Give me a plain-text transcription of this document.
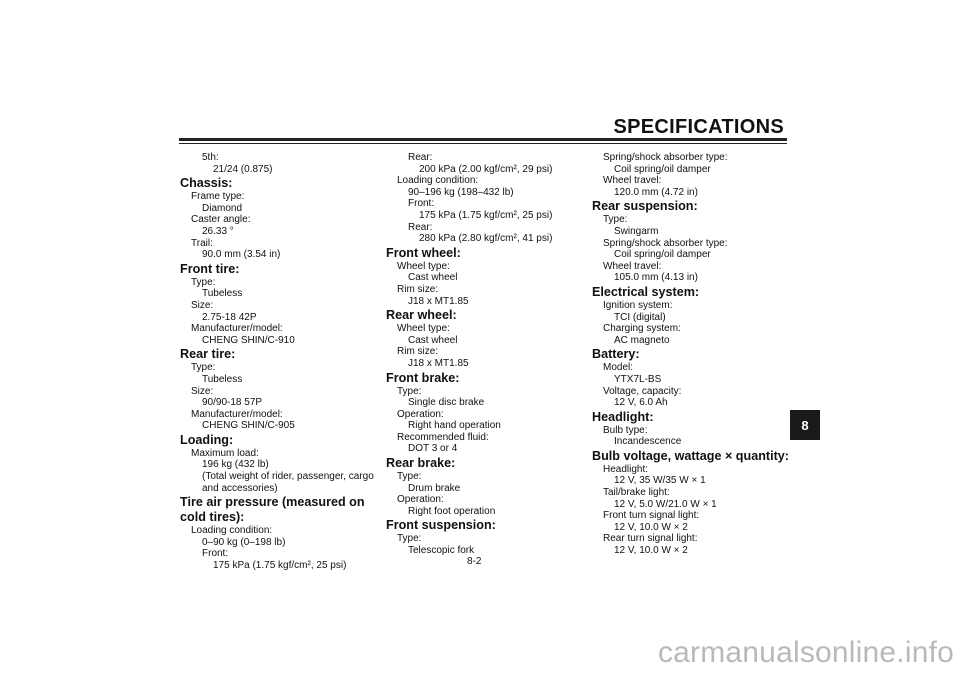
SPECIFICATIONS
5th:
21/24 (0.875)
Chassis:
Frame type:
Diamond
Caster angle:
26.33 °
Trail:
90.0 mm (3.54 in)
Front tire:
Type:
Tubeless
Size:
2.75-18 42P
Manufacturer/model:
CHENG SHIN/C-910
Rear tire:
Type:
Tubeless
Size:
90/90-18 57P
Manufacturer/model:
CHENG SHIN/C-905
Loading:
Maximum load:
196 kg (432 lb)
(Total weight of rider, passenger, cargo and accessories)
Tire air pressure (measured on cold tires):
Loading condition:
0–90 kg (0–198 lb)
Front:
175 kPa (1.75 kgf/cm², 25 psi)
Rear:
200 kPa (2.00 kgf/cm², 29 psi)
Loading condition:
90–196 kg (198–432 lb)
Front:
175 kPa (1.75 kgf/cm², 25 psi)
Rear:
280 kPa (2.80 kgf/cm², 41 psi)
Front wheel:
Wheel type:
Cast wheel
Rim size:
J18 x MT1.85
Rear wheel:
Wheel type:
Cast wheel
Rim size:
J18 x MT1.85
Front brake:
Type:
Single disc brake
Operation:
Right hand operation
Recommended fluid:
DOT 3 or 4
Rear brake:
Type:
Drum brake
Operation:
Right foot operation
Front suspension:
Type:
Telescopic fork
Spring/shock absorber type:
Coil spring/oil damper
Wheel travel:
120.0 mm (4.72 in)
Rear suspension:
Type:
Swingarm
Spring/shock absorber type:
Coil spring/oil damper
Wheel travel:
105.0 mm (4.13 in)
Electrical system:
Ignition system:
TCI (digital)
Charging system:
AC magneto
Battery:
Model:
YTX7L-BS
Voltage, capacity:
12 V, 6.0 Ah
Headlight:
Bulb type:
Incandescence
Bulb voltage, wattage × quantity:
Headlight:
12 V, 35 W/35 W × 1
Tail/brake light:
12 V, 5.0 W/21.0 W × 1
Front turn signal light:
12 V, 10.0 W × 2
Rear turn signal light:
12 V, 10.0 W × 2
8
8-2
carmanualsonline.info
